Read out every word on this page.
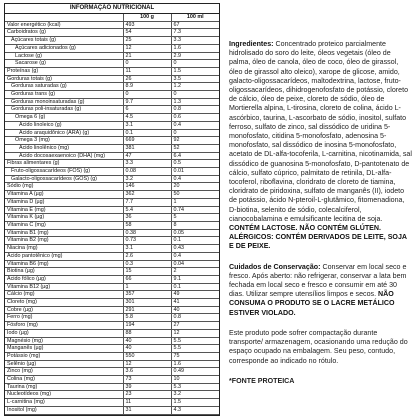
INFORMAÇÃO NUTRICIONAL
	100 g	100 ml
Valor energético (kcal)	493	67
Carboidratos (g)	54	7.3
Açúcares totais (g)	25	3.3
Açúcares adicionados (g)	12	1.6
Lactose (g)	21	2.9
Sacarose (g)	0	0
Proteínas (g)	11	1.5
Gorduras totais (g)	26	3.5
Gorduras saturadas (g)	8.9	1.2
Gorduras trans (g)	0	0
Gorduras monoinsaturadas (g)	9.7	1.3
Gorduras poli-insaturadas (g)	6	0.8
Ômega 6 (g)	4.5	0.6
Ácido linoleico (g)	3.1	0.4
Ácido araquidônico (ARA) (g)	0.1	0
Ômega 3 (mg)	669	92
Ácido linolênico (mg)	381	52
Ácido docosaexaenoico (DHA) (mg)	47	6.4
Fibras alimentares (g)	3.3	0.5
Fruto-oligossacarídeos (FOS) (g)	0.08	0.01
Galacto-oligossacarídeos (GOS) (g)	3.2	0.4
Sódio (mg)	146	20
Vitamina A (µg)	362	50
Vitamina D (µg)	7.7	1
Vitamina E (mg)	5.4	0.74
Vitamina K (µg)	36	5
Vitamina C (mg)	58	8
Vitamina B1 (mg)	0.38	0.05
Vitamina B2 (mg)	0.73	0.1
Niacina (mg)	3.1	0.43
Ácido pantotênico (mg)	2.6	0.4
Vitamina B6 (mg)	0.3	0.04
Biotina (µg)	15	2
Ácido fólico (µg)	66	9.1
Vitamina B12 (µg)	1	0.1
Cálcio (mg)	357	49
Cloreto (mg)	301	41
Cobre (µg)	291	40
Ferro (mg)	5.8	0.8
Fósforo (mg)	194	27
Iodo (µg)	88	12
Magnésio (mg)	40	5.5
Manganês (µg)	40	5.5
Potássio (mg)	550	75
Selênio (µg)	12	1.6
Zinco (mg)	3.6	0.49
Colina (mg)	73	10
Taurina (mg)	39	5.3
Nucleotídeos (mg)	23	3.2
L-carnitina (mg)	11	1.5
Inositol (mg)	31	4.3

Ingredientes: Concentrado proteico parcialmente hidrolisado do soro do leite, óleos vegetais (óleo de palma, óleo de canola, óleo de coco, óleo de girassol, óleo de girassol alto oleico), xarope de glicose, amido, galacto-oligossacarídeos, maltodextrina, lactose, fruto-oligossacarídeos, dihidrogenofosfato de potássio, cloreto de cálcio, óleo de peixe, cloreto de sódio, óleo de Mortierella alpina, L-tirosina, cloreto de colina, ácido L-ascórbico, taurina, L-ascorbato de sódio, inositol, sulfato ferroso, sulfato de zinco, sal dissódico de uridina 5-monofosfato, citidina 5-monofosfato, adenosina 5-monofosfato, sal dissódico de inosina 5-monofosfato, acetato de DL-alfa-tocoferila, L-carnitina, nicotinamida, sal dissódico de guanosina 5-monofosfato, D-pantotenato de cálcio, sulfato cúprico, palmitato de retinila, DL-alfa-tocoferol, riboflavina, cloridrato de cloreto de tiamina, cloridrato de piridoxina, sulfato de manganês (II), iodeto de potássio, ácido N-pteroil-L-glutâmico, fitomenadiona, D-biotina, selenito de sódio, colecalciferol, cianocobalamina e emulsificante lecitina de soja. CONTÉM LACTOSE. NÃO CONTÉM GLÚTEN. ALÉRGICOS: CONTÉM DERIVADOS DE LEITE, SOJA E DE PEIXE.

Cuidados de Conservação: Conservar em local seco e fresco. Após aberto: não refrigerar, conservar a lata bem fechada em local seco e fresco e consumir em até 30 dias. Utilizar sempre utensílios limpos e secos. NÃO CONSUMA O PRODUTO SE O LACRE METÁLICO ESTIVER VIOLADO.

Este produto pode sofrer compactação durante transporte/ armazenagem, ocasionando uma redução do espaço ocupado na embalagem. Seu peso, contudo, corresponde ao indicado no rótulo.

*FONTE PROTEICA
